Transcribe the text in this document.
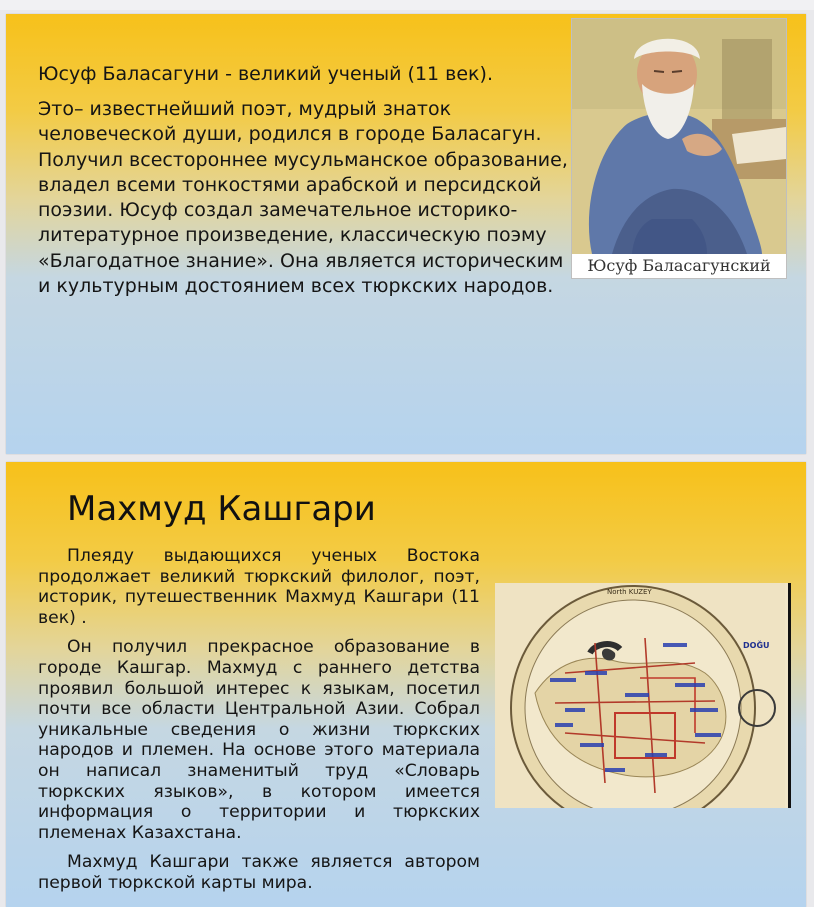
Юсуф Баласагуни - великий ученый (11 век).
Это– известнейший поэт, мудрый знаток человеческой души, родился в городе Баласагун. Получил всестороннее мусульманское образование, владел всеми тонкостями арабской и персидской поэзии. Юсуф создал замечательное историко-литературное произведение, классическую поэму «Благодатное знание». Она является историческим и культурным достоянием всех тюркских народов.
Юсуф Баласагунский
Махмуд Кашгари

Плеяду выдающихся ученых Востока продолжает великий тюркский филолог, поэт, историк, путешественник Махмуд Кашгари (11 век) .

Он получил прекрасное образование в городе Кашгар. Махмуд с раннего детства проявил большой интерес к языкам, посетил почти все области Центральной Азии. Собрал уникальные сведения о жизни тюркских народов и племен. На основе этого материала он написал знаменитый труд «Словарь тюркских языков», в котором имеется информация о территории и тюркских племенах Казахстана.

Махмуд Кашгари также является автором первой тюркской карты мира.

North KUZEY
DOĞU
